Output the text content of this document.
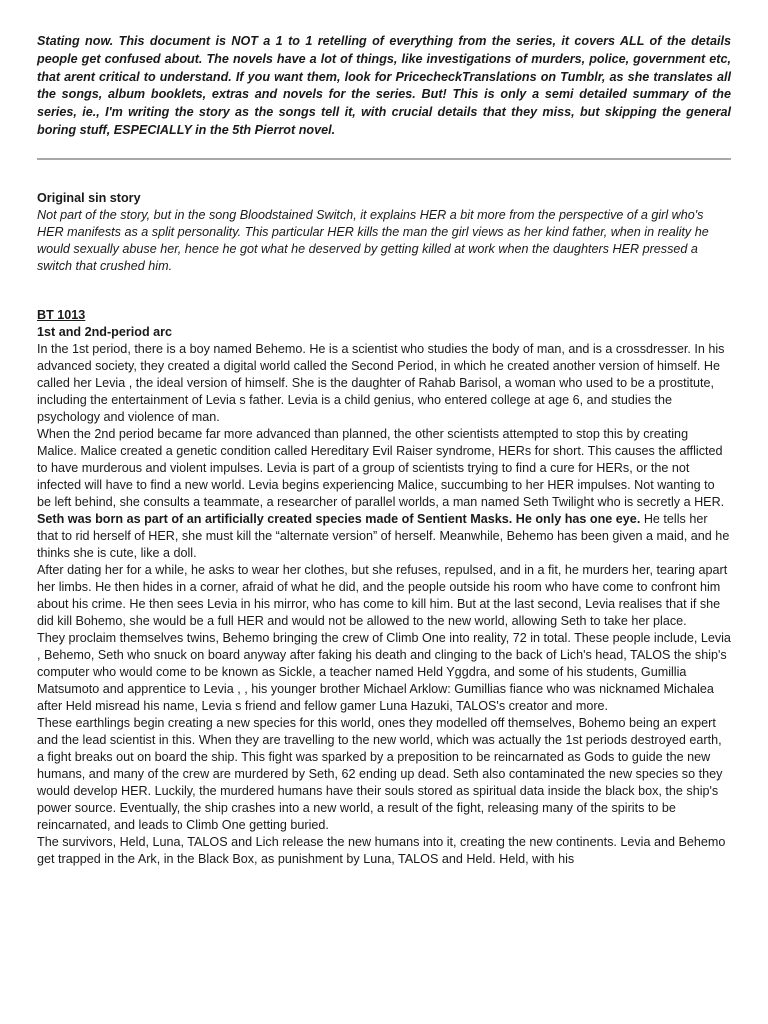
Stating now. This document is NOT a 1 to 1 retelling of everything from the series, it covers ALL of the details people get confused about. The novels have a lot of things, like investigations of murders, police, government etc, that arent critical to understand. If you want them, look for PricecheckTranslations on Tumblr, as she translates all the songs, album booklets, extras and novels for the series. But! This is only a semi detailed summary of the series, ie., I'm writing the story as the songs tell it, with crucial details that they miss, but skipping the general boring stuff, ESPECIALLY in the 5th Pierrot novel.

Original sin story

Not part of the story, but in the song Bloodstained Switch, it explains HER a bit more from the perspective of a girl who's HER manifests as a split personality. This particular HER kills the man the girl views as her kind father, when in reality he would sexually abuse her, hence he got what he deserved by getting killed at work when the daughters HER pressed a switch that crushed him.

BT 1013

1st and 2nd-period arc

In the 1st period, there is a boy named Behemo. He is a scientist who studies the body of man, and is a crossdresser. In his advanced society, they created a digital world called the Second Period, in which he created another version of himself. He called her Levia , the ideal version of himself. She is the daughter of Rahab Barisol, a woman who used to be a prostitute, including the entertainment of Levia s father. Levia is a child genius, who entered college at age 6, and studies the psychology and violence of man.

When the 2nd period became far more advanced than planned, the other scientists attempted to stop this by creating Malice. Malice created a genetic condition called Hereditary Evil Raiser syndrome, HERs for short. This causes the afflicted to have murderous and violent impulses. Levia is part of a group of scientists trying to find a cure for HERs, or the not infected will have to find a new world. Levia begins experiencing Malice, succumbing to her HER impulses. Not wanting to be left behind, she consults a teammate, a researcher of parallel worlds, a man named Seth Twilight who is secretly a HER. Seth was born as part of an artificially created species made of Sentient Masks. He only has one eye. He tells her that to rid herself of HER, she must kill the “alternate version” of herself. Meanwhile, Behemo has been given a maid, and he thinks she is cute, like a doll.

After dating her for a while, he asks to wear her clothes, but she refuses, repulsed, and in a fit, he murders her, tearing apart her limbs. He then hides in a corner, afraid of what he did, and the people outside his room who have come to confront him about his crime. He then sees Levia in his mirror, who has come to kill him. But at the last second, Levia realises that if she did kill Bohemo, she would be a full HER and would not be allowed to the new world, allowing Seth to take her place.

They proclaim themselves twins, Behemo bringing the crew of Climb One into reality, 72 in total. These people include, Levia , Behemo, Seth who snuck on board anyway after faking his death and clinging to the back of Lich's head, TALOS the ship's computer who would come to be known as Sickle, a teacher named Held Yggdra, and some of his students, Gumillia Matsumoto and apprentice to Levia , , his younger brother Michael Arklow: Gumillias fiance who was nicknamed Michalea after Held misread his name, Levia s friend and fellow gamer Luna Hazuki, TALOS's creator and more.

These earthlings begin creating a new species for this world, ones they modelled off themselves, Bohemo being an expert and the lead scientist in this. When they are travelling to the new world, which was actually the 1st periods destroyed earth, a fight breaks out on board the ship. This fight was sparked by a preposition to be reincarnated as Gods to guide the new humans, and many of the crew are murdered by Seth, 62 ending up dead. Seth also contaminated the new species so they would develop HER. Luckily, the murdered humans have their souls stored as spiritual data inside the black box, the ship's power source. Eventually, the ship crashes into a new world, a result of the fight, releasing many of the spirits to be reincarnated, and leads to Climb One getting buried.

The survivors, Held, Luna, TALOS and Lich release the new humans into it, creating the new continents. Levia and Behemo get trapped in the Ark, in the Black Box, as punishment by Luna, TALOS and Held. Held, with his
